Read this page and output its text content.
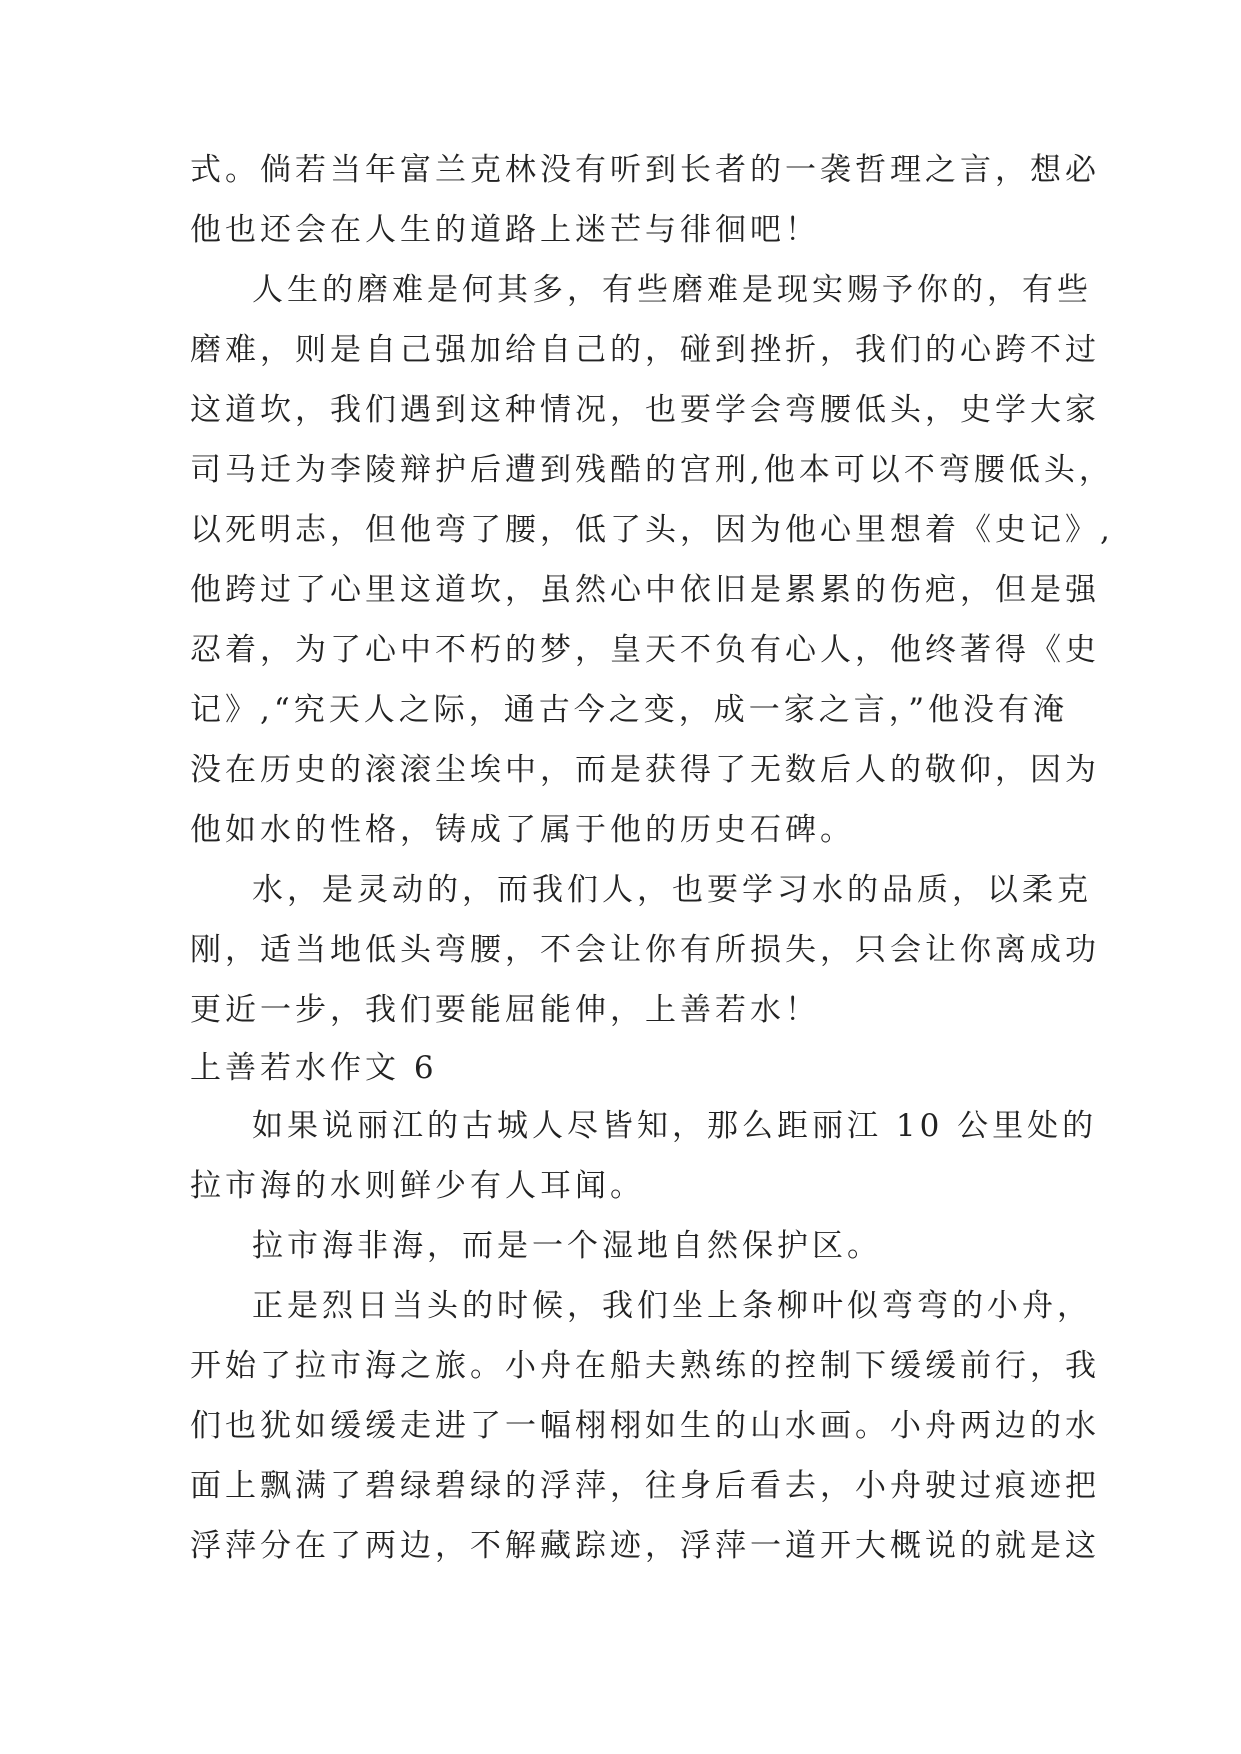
式。倘若当年富兰克林没有听到长者的一袭哲理之言，想必
他也还会在人生的道路上迷芒与徘徊吧！
人生的磨难是何其多，有些磨难是现实赐予你的，有些
磨难，则是自己强加给自己的，碰到挫折，我们的心跨不过
这道坎，我们遇到这种情况，也要学会弯腰低头，史学大家
司马迁为李陵辩护后遭到残酷的宫刑,他本可以不弯腰低头，
以死明志，但他弯了腰，低了头，因为他心里想着《史记》,
他跨过了心里这道坎，虽然心中依旧是累累的伤疤，但是强
忍着，为了心中不朽的梦，皇天不负有心人，他终著得《史
记》,“究天人之际，通古今之变，成一家之言，”他没有淹
没在历史的滚滚尘埃中，而是获得了无数后人的敬仰，因为
他如水的性格，铸成了属于他的历史石碑。
水，是灵动的，而我们人，也要学习水的品质，以柔克
刚，适当地低头弯腰，不会让你有所损失，只会让你离成功
更近一步，我们要能屈能伸，上善若水！
上善若水作文 6
如果说丽江的古城人尽皆知，那么距丽江 10 公里处的
拉市海的水则鲜少有人耳闻。
拉市海非海，而是一个湿地自然保护区。
正是烈日当头的时候，我们坐上条柳叶似弯弯的小舟，
开始了拉市海之旅。小舟在船夫熟练的控制下缓缓前行，我
们也犹如缓缓走进了一幅栩栩如生的山水画。小舟两边的水
面上飘满了碧绿碧绿的浮萍，往身后看去，小舟驶过痕迹把
浮萍分在了两边，不解藏踪迹，浮萍一道开大概说的就是这
